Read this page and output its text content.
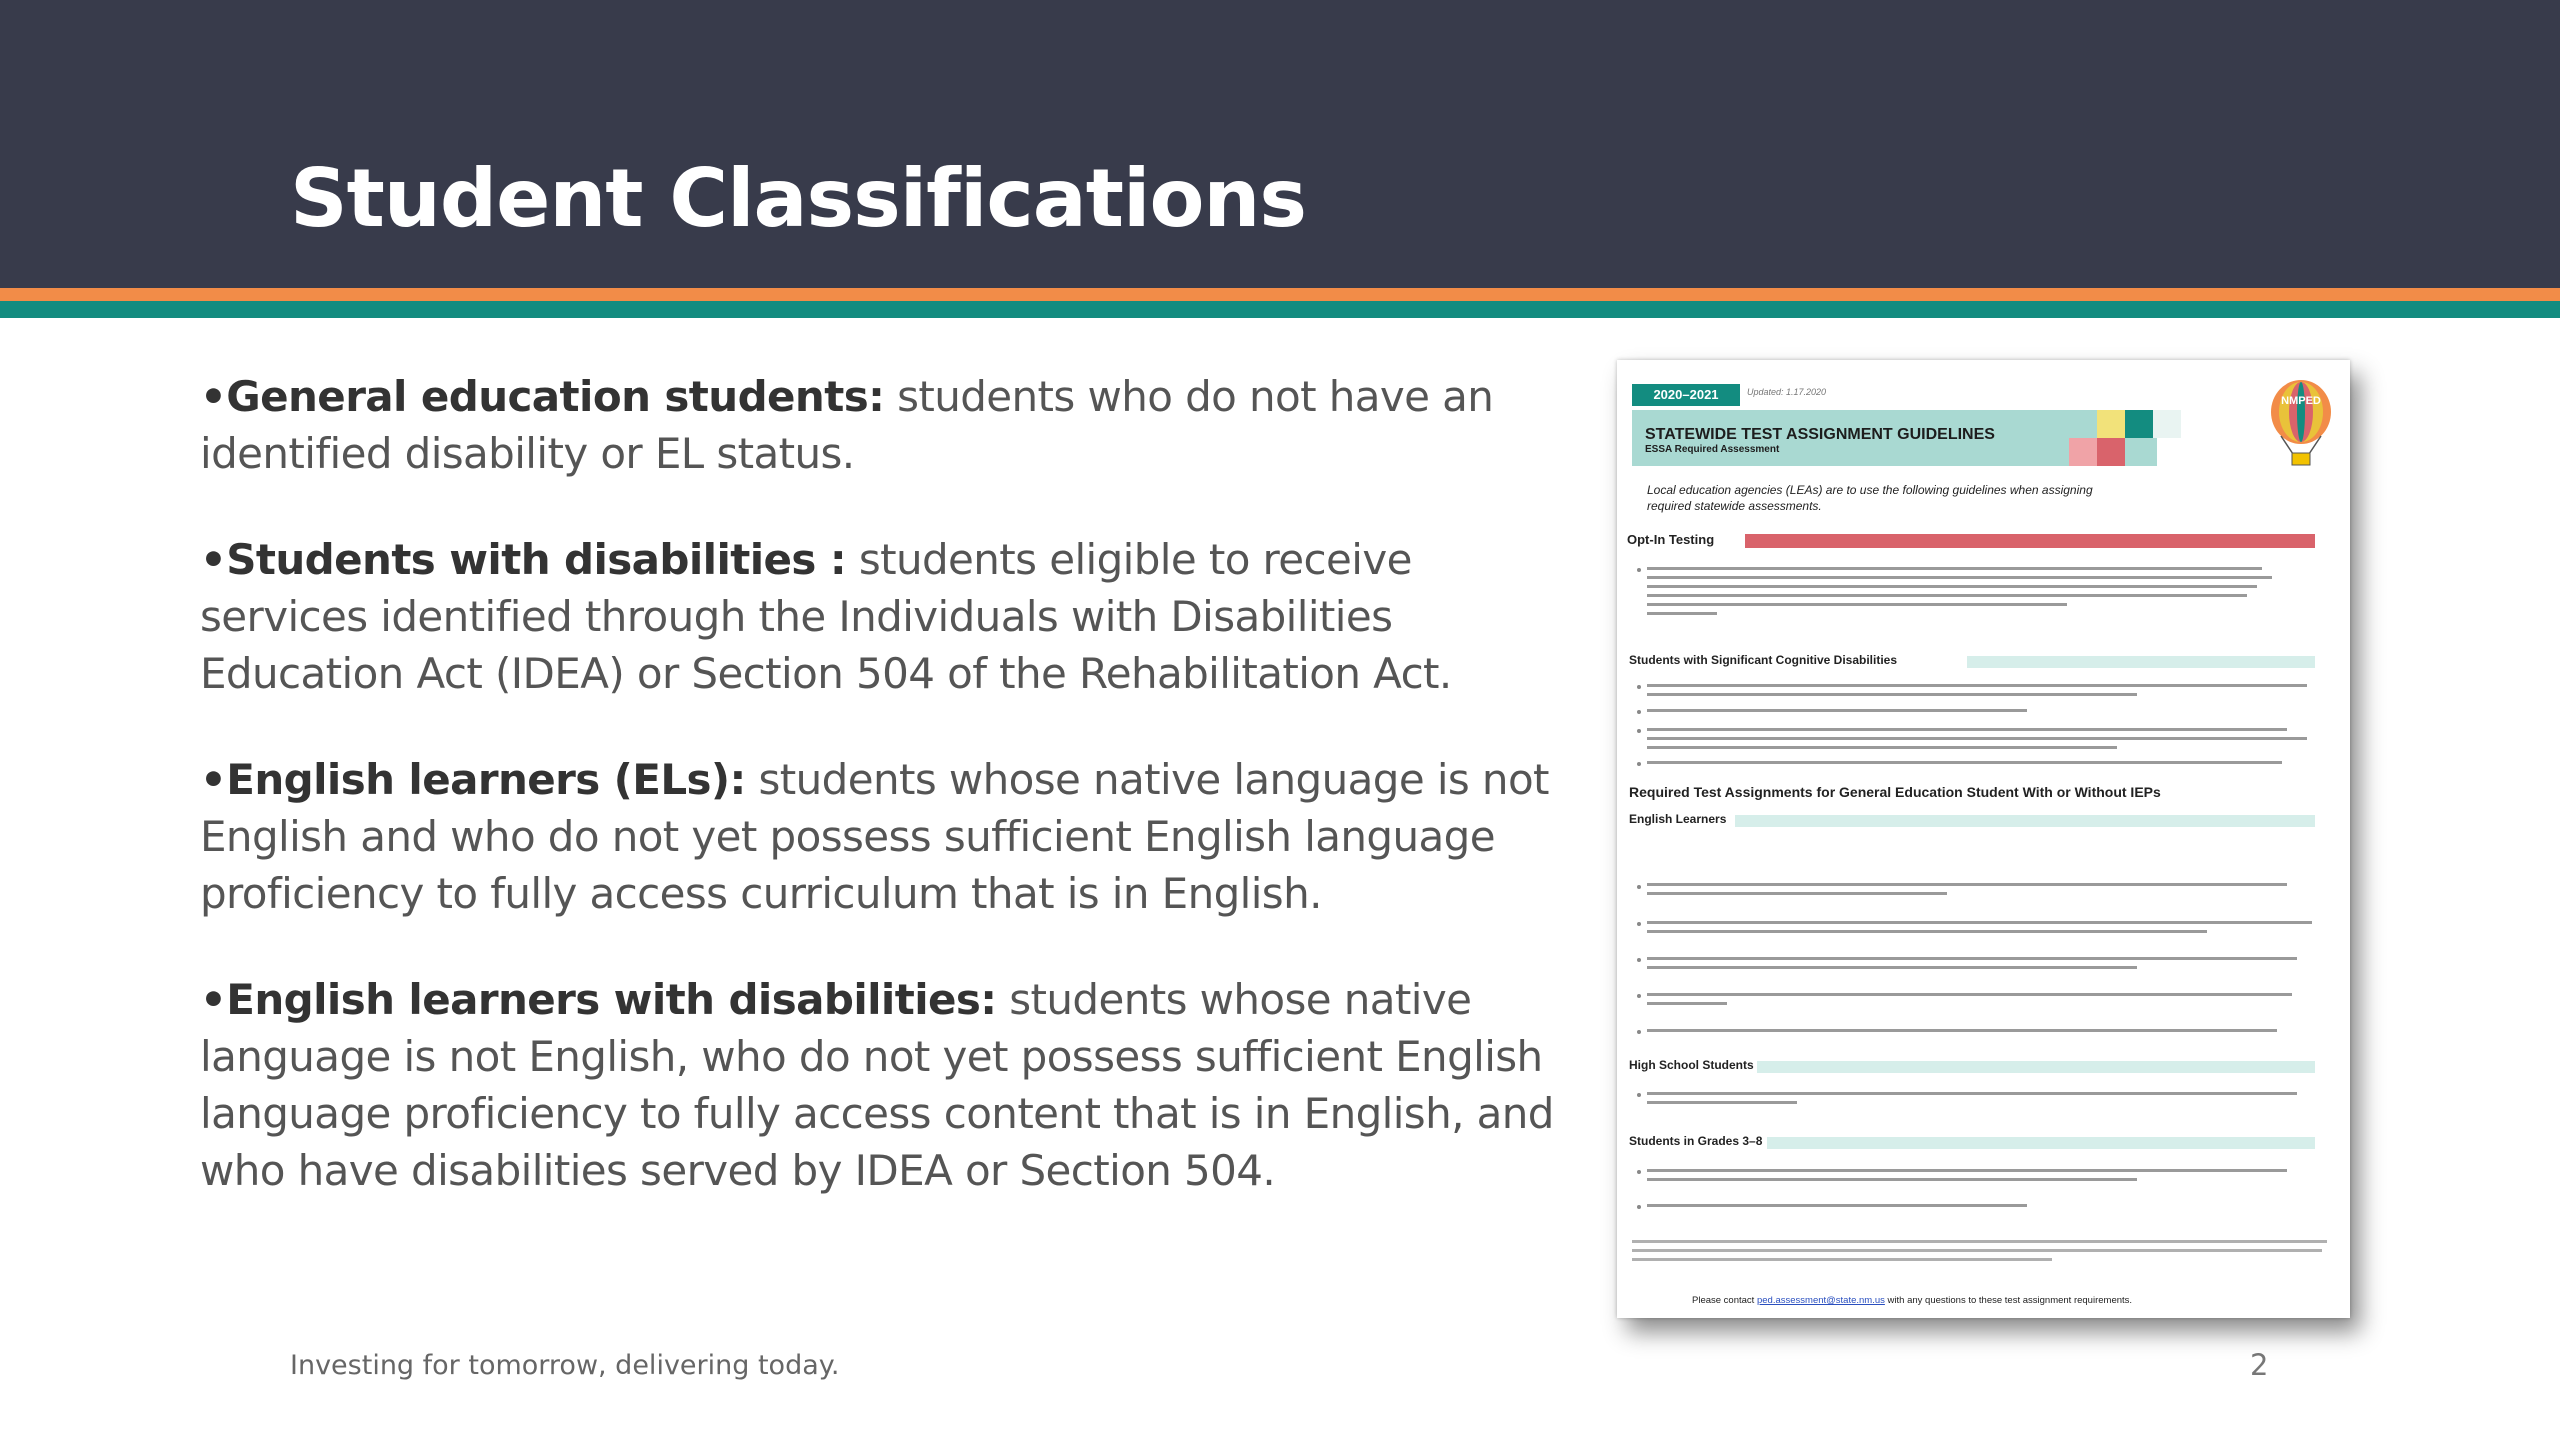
Student Classifications
•General education students: students who do not have an identified disability or EL status.
•Students with disabilities : students eligible to receive services identified through the Individuals with Disabilities Education Act (IDEA) or Section 504 of the Rehabilitation Act.
•English learners (ELs): students whose native language is not English and who do not yet possess sufficient English language proficiency to fully access curriculum that is in English.
•English learners with disabilities: students whose native language is not English, who do not yet possess sufficient English language proficiency to fully access content that is in English, and who have disabilities served by IDEA or Section 504.
Investing for tomorrow, delivering today.	2
2020–2021	Updated: 1.17.2020
STATEWIDE TEST ASSIGNMENT GUIDELINES
ESSA Required Assessment
NMPED
Local education agencies (LEAs) are to use the following guidelines when assigning required statewide assessments.
Opt-In Testing
Students with Significant Cognitive Disabilities
Required Test Assignments for General Education Student With or Without IEPs
English Learners
High School Students
Students in Grades 3–8
Please contact ped.assessment@state.nm.us with any questions to these test assignment requirements.
